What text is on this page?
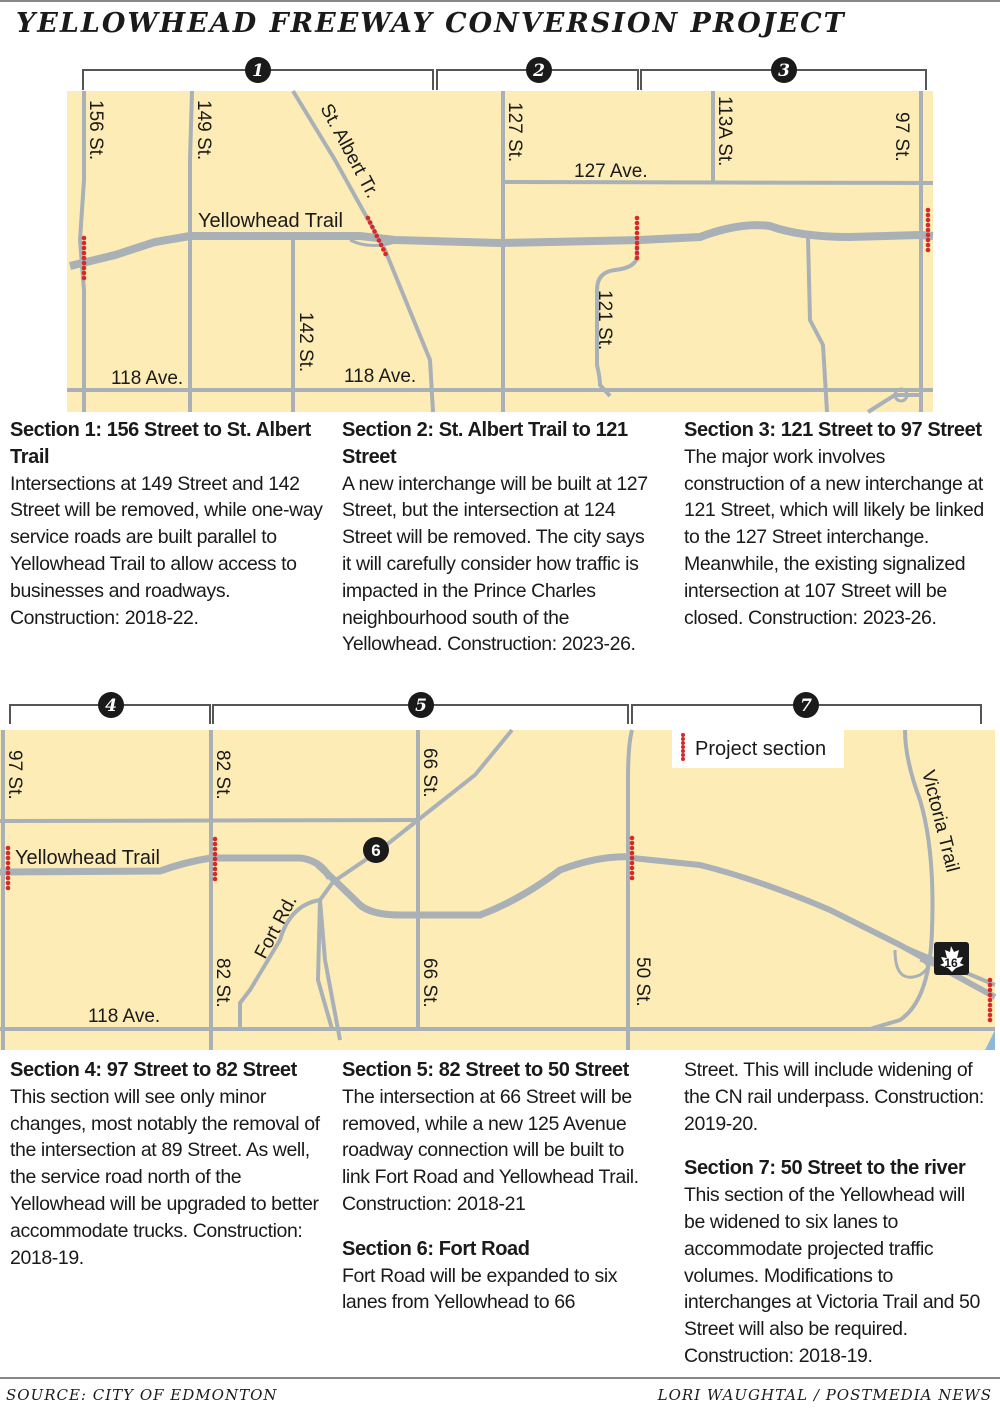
YELLOWHEAD FREEWAY CONVERSION PROJECT
1	2	3
156 St.	149 St.	St. Albert Tr.	127 St.	113A St.	97 St.
127 Ave.
Yellowhead Trail
142 St.	121 St.
118 Ave.	118 Ave.
Section 1: 156 Street to St. Albert Trail

Intersections at 149 Street and 142 Street will be removed, while one-way service roads are built parallel to Yellowhead Trail to allow access to businesses and roadways. Construction: 2018-22.

Section 2: St. Albert Trail to 121 Street

A new interchange will be built at 127 Street, but the intersection at 124 Street will be removed. The city says it will carefully consider how traffic is impacted in the Prince Charles neighbourhood south of the Yellowhead. Construction: 2023-26.

Section 3: 121 Street to 97 Street

The major work involves construction of a new interchange at 121 Street, which will likely be linked to the 127 Street interchange. Meanwhile, the existing signalized intersection at 107 Street will be closed. Construction: 2023-26.

4	5	7
Project section
6
16
97 St.	82 St.	66 St.
Yellowhead Trail
Fort Rd.
82 St.	66 St.
118 Ave.
50 St.
Victoria Trail
Section 4: 97 Street to 82 Street

This section will see only minor changes, most notably the removal of the intersection at 89 Street. As well, the service road north of the Yellowhead will be upgraded to better accommodate trucks. Construction: 2018-19.

Section 5: 82 Street to 50 Street

The intersection at 66 Street will be removed, while a new 125 Avenue roadway connection will be built to link Fort Road and Yellowhead Trail. Construction: 2018-21

Section 6: Fort Road

Fort Road will be expanded to six lanes from Yellowhead to 66

Street. This will include widening of the CN rail underpass. Construction: 2019-20.

Section 7: 50 Street to the river

This section of the Yellowhead will be widened to six lanes to accommodate projected traffic volumes. Modifications to interchanges at Victoria Trail and 50 Street will also be required. Construction: 2018-19.

SOURCE: CITY OF EDMONTON	LORI WAUGHTAL / POSTMEDIA NEWS
